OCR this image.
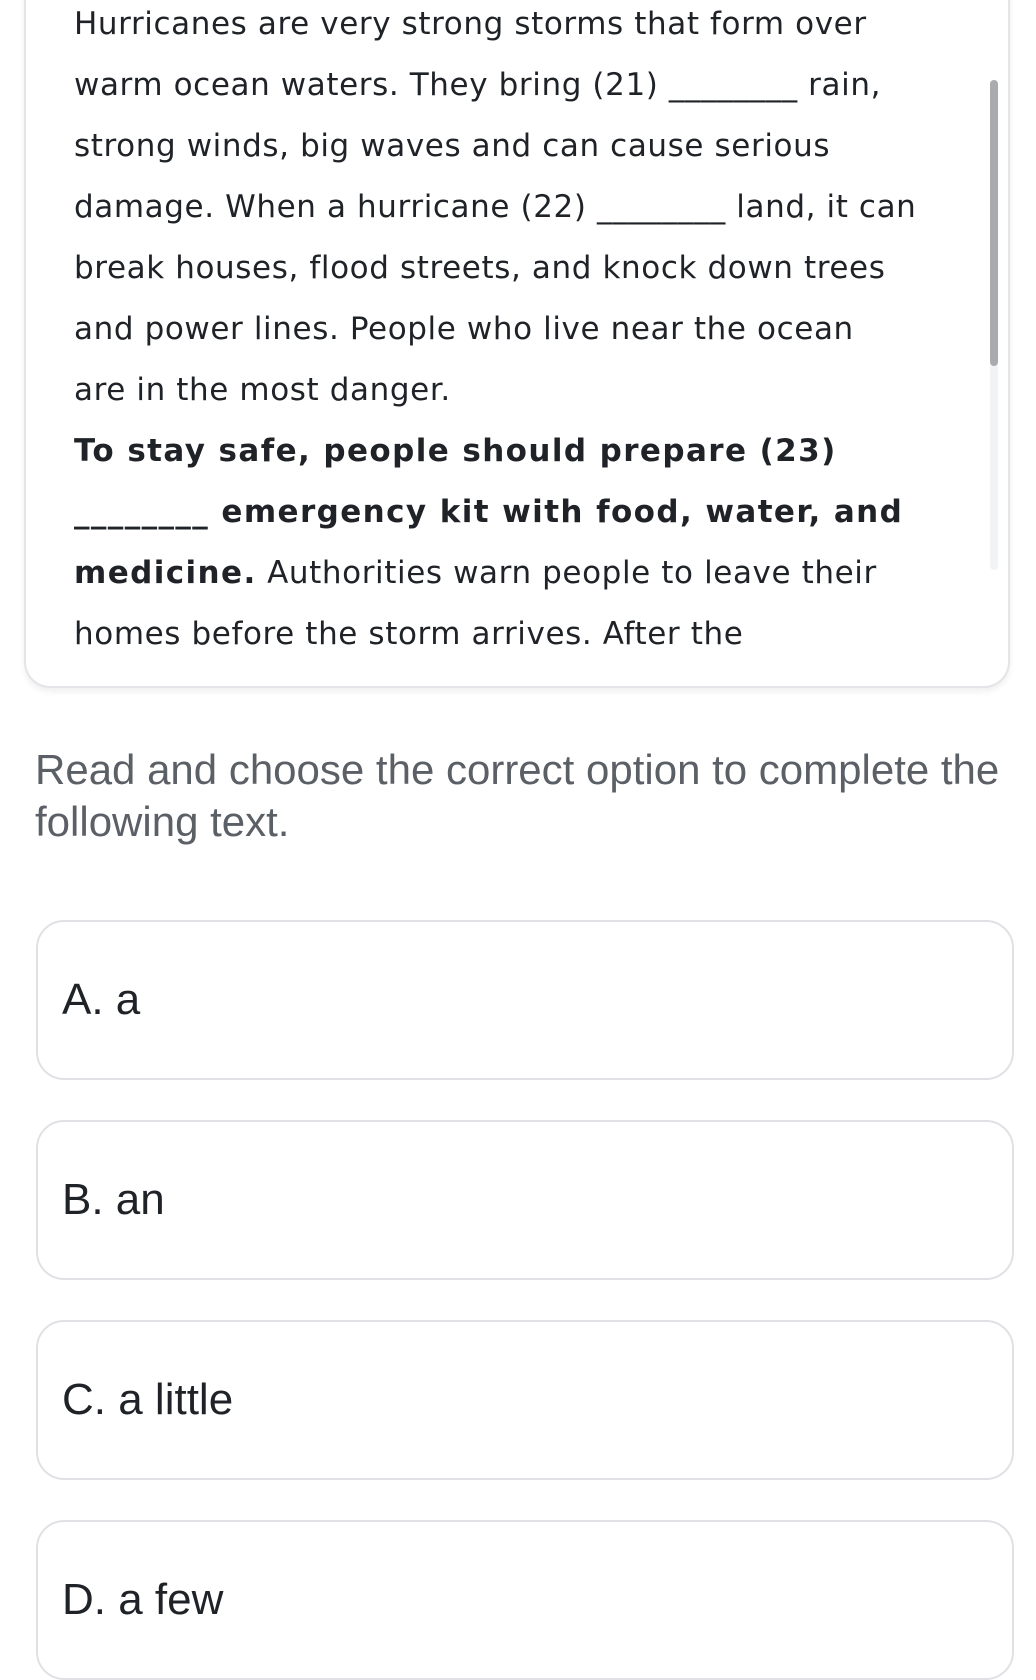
Hurricanes are very strong storms that form over
warm ocean waters. They bring (21) ________ rain,
strong winds, big waves and can cause serious
damage. When a hurricane (22) ________ land, it can
break houses, flood streets, and knock down trees
and power lines. People who live near the ocean
are in the most danger.
To stay safe, people should prepare (23)
________ emergency kit with food, water, and
medicine. Authorities warn people to leave their
homes before the storm arrives. After the

Read and choose the correct option to complete the following text.

A. a
B. an
C. a little
D. a few
